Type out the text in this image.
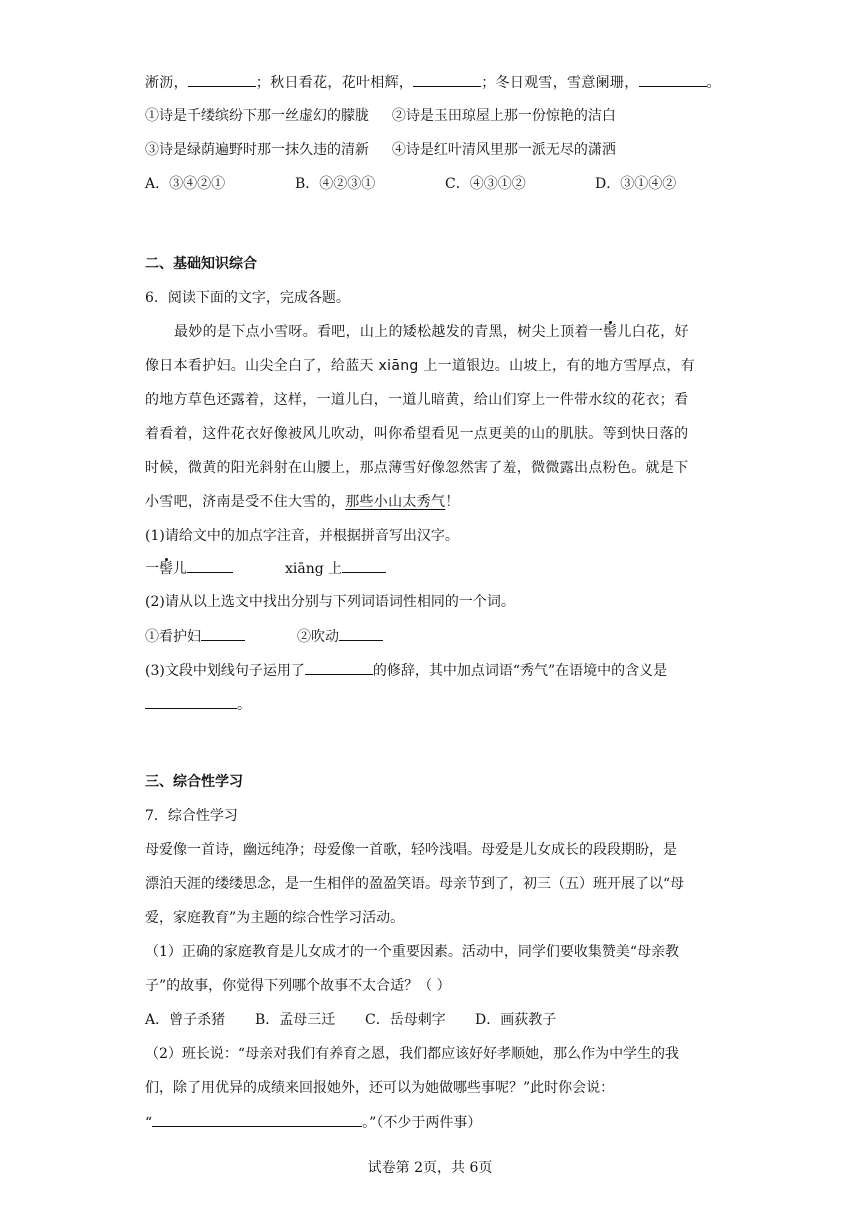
淅沥，	；秋日看花，花叶相辉，	；冬日观雪，雪意阑珊，	。
①诗是千缕缤纷下那一丝虚幻的朦胧 ②诗是玉田琼屋上那一份惊艳的洁白
③诗是绿荫遍野时那一抹久违的清新 ④诗是红叶清风里那一派无尽的潇洒
A．③④②①	B．④②③①	C．④③①②	D．③①④②
二、基础知识综合
6．阅读下面的文字，完成各题。
最妙的是下点小雪呀。看吧，山上的矮松越发的青黑，树尖上顶着一髻儿白花，好
像日本看护妇。山尖全白了，给蓝天 xiāng 上一道银边。山坡上，有的地方雪厚点，有
的地方草色还露着，这样，一道儿白，一道儿暗黄，给山们穿上一件带水纹的花衣；看
着看着，这件花衣好像被风儿吹动，叫你希望看见一点更美的山的肌肤。等到快日落的
时候，微黄的阳光斜射在山腰上，那点薄雪好像忽然害了羞，微微露出点粉色。就是下
小雪吧，济南是受不住大雪的，那些小山太秀气！
(1)请给文中的加点字注音，并根据拼音写出汉字。
一髻儿	xiāng 上
(2)请从以上选文中找出分别与下列词语词性相同的一个词。
①看护妇	②吹动
(3)文段中划线句子运用了	的修辞，其中加点词语“秀气”在语境中的含义是
。
三、综合性学习
7．综合性学习
母爱像一首诗，幽远纯净；母爱像一首歌，轻吟浅唱。母爱是儿女成长的段段期盼，是
漂泊天涯的缕缕思念，是一生相伴的盈盈笑语。母亲节到了，初三（五）班开展了以“母
爱，家庭教育”为主题的综合性学习活动。
（1）正确的家庭教育是儿女成才的一个重要因素。活动中，同学们要收集赞美“母亲教
子”的故事，你觉得下列哪个故事不太合适？（ ）
A．曾子杀猪 B．孟母三迁 C．岳母刺字 D．画荻教子
（2）班长说：“母亲对我们有养育之恩，我们都应该好好孝顺她，那么作为中学生的我
们，除了用优异的成绩来回报她外，还可以为她做哪些事呢？”此时你会说：
“	。”（不少于两件事）
试卷第 2页，共 6页
